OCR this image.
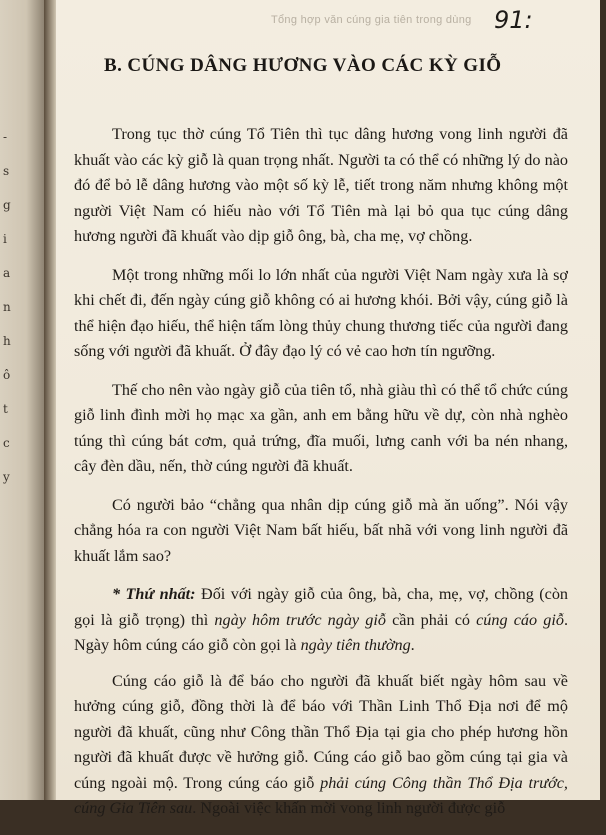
-
s
g
i
a
n
h
ô
t
c
y
Tổng hợp văn cúng gia tiên trong dùng 91:
B. CÚNG DÂNG HƯƠNG VÀO CÁC KỲ GIỖ

Trong tục thờ cúng Tổ Tiên thì tục dâng hương vong linh người đã khuất vào các kỳ giỗ là quan trọng nhất. Người ta có thể có những lý do nào đó để bỏ lễ dâng hương vào một số kỳ lễ, tiết trong năm nhưng không một người Việt Nam có hiếu nào với Tổ Tiên mà lại bỏ qua tục cúng dâng hương người đã khuất vào dịp giỗ ông, bà, cha mẹ, vợ chồng.

Một trong những mối lo lớn nhất của người Việt Nam ngày xưa là sợ khi chết đi, đến ngày cúng giỗ không có ai hương khói. Bởi vậy, cúng giỗ là thể hiện đạo hiếu, thể hiện tấm lòng thủy chung thương tiếc của người đang sống với người đã khuất. Ở đây đạo lý có vẻ cao hơn tín ngưỡng.

Thế cho nên vào ngày giỗ của tiên tổ, nhà giàu thì có thể tổ chức cúng giỗ linh đình mời họ mạc xa gần, anh em bằng hữu về dự, còn nhà nghèo túng thì cúng bát cơm, quả trứng, đĩa muối, lưng canh với ba nén nhang, cây đèn dầu, nến, thờ cúng người đã khuất.

Có người bảo “chẳng qua nhân dịp cúng giỗ mà ăn uống”. Nói vậy chẳng hóa ra con người Việt Nam bất hiếu, bất nhã với vong linh người đã khuất lắm sao?

* Thứ nhất: Đối với ngày giỗ của ông, bà, cha, mẹ, vợ, chồng (còn gọi là giỗ trọng) thì ngày hôm trước ngày giỗ cần phải có cúng cáo giỗ. Ngày hôm cúng cáo giỗ còn gọi là ngày tiên thường.

Cúng cáo giỗ là để báo cho người đã khuất biết ngày hôm sau về hưởng cúng giỗ, đồng thời là để báo với Thần Linh Thổ Địa nơi để mộ người đã khuất, cũng như Công thần Thổ Địa tại gia cho phép hương hồn người đã khuất được về hưởng giỗ. Cúng cáo giỗ bao gồm cúng tại gia và cúng ngoài mộ. Trong cúng cáo giỗ phải cúng Công thần Thổ Địa trước, cúng Gia Tiên sau. Ngoài việc khấn mời vong linh người được giỗ
